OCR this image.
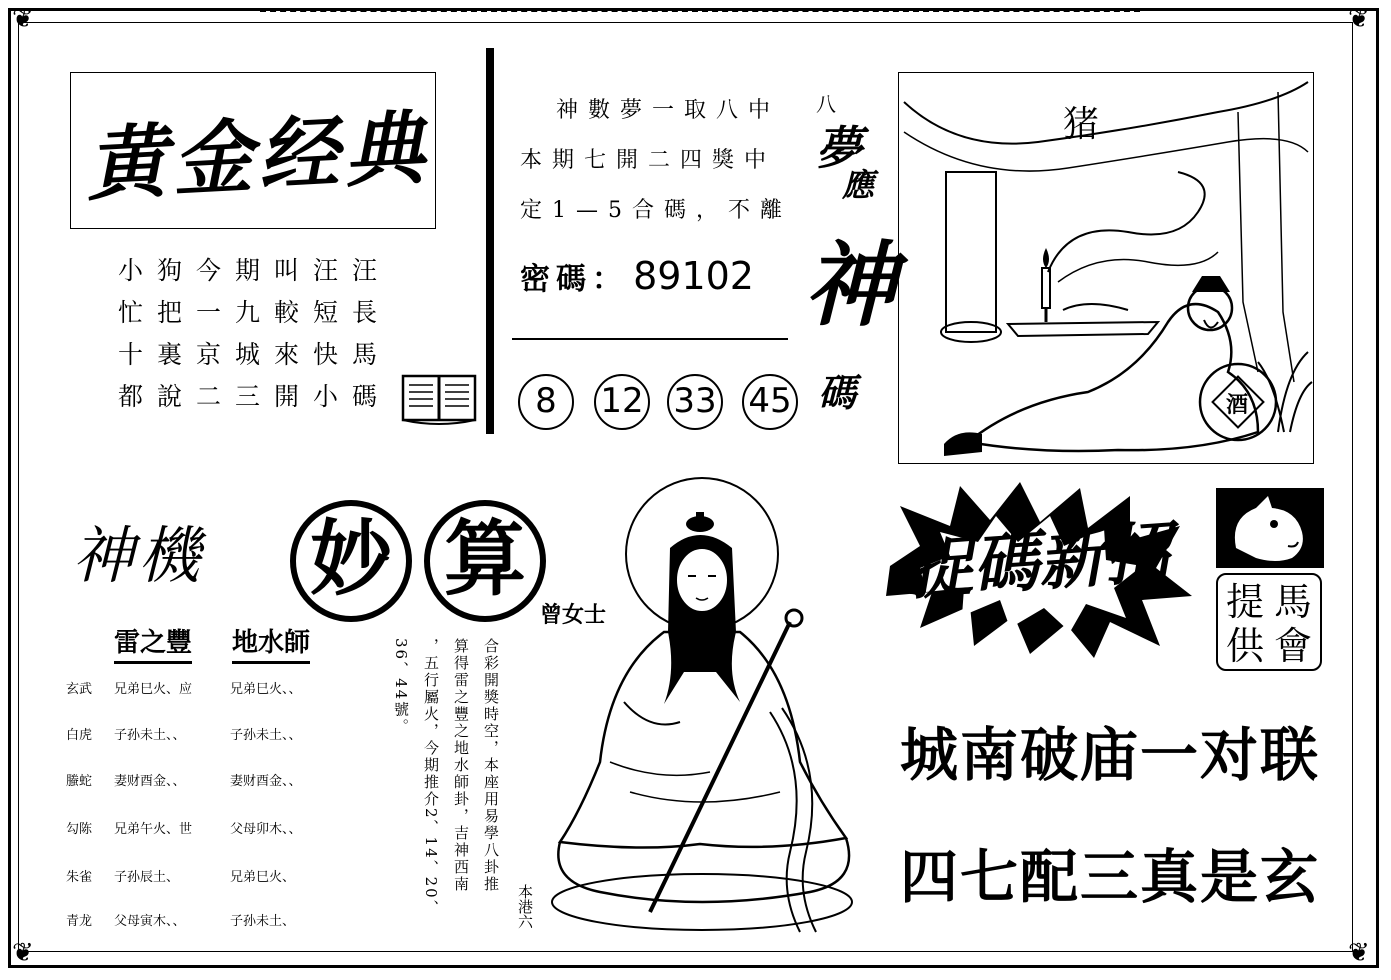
❦	❦
❦	❦
黄金经典
小狗今期叫汪汪
忙把一九較短長
十裏京城來快馬
都說二三開小碼
神數夢一取八中
本期七開二四獎中
定1—5合碼，不離
密碼： 89102
8	12 33 45
八
夢
應
神
碼
猪
酒
神機 妙 算
曾女士
雷之豐 地水師
玄武 兄弟巳火、应	兄弟巳火、、
白虎 子孙未土、、	子孙未土、、
螣蛇 妻财酉金、、	妻财酉金、、
勾陈 兄弟午火、世	父母卯木、、
朱雀 子孙辰土、	兄弟巳火、
青龙 父母寅木、、	子孙未土、
合彩開獎時空，本座用易學八卦推
算得雷之豐之地水師卦，吉神西南
，五行屬火，今期推介2、14、20、
36、44號。
本港六
捉碼新招	馬
會
提
供
城南破庙一对联
四七配三真是玄
